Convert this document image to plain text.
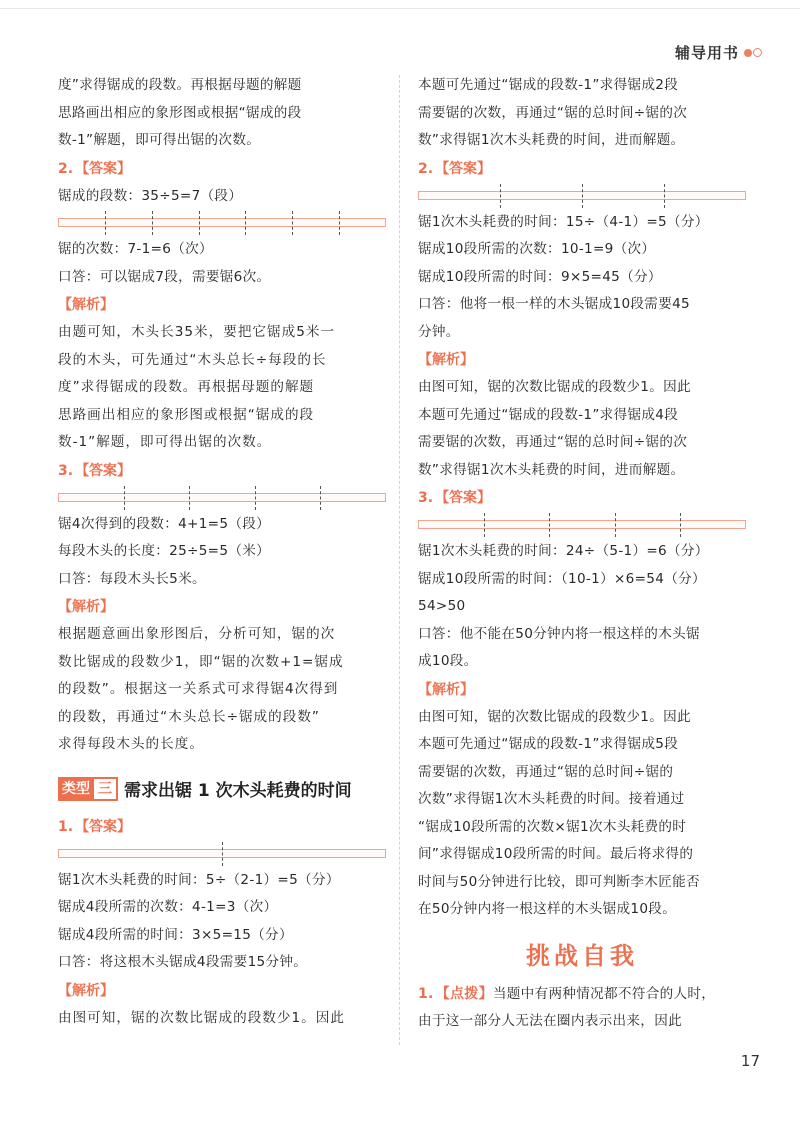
辅导用书
度”求得锯成的段数。再根据母题的解题
思路画出相应的象形图或根据“锯成的段
数-1”解题，即可得出锯的次数。
2. 【答案】
锯成的段数：35÷5=7（段）
锯的次数：7-1=6（次）
口答：可以锯成7段，需要锯6次。
【解析】
由题可知，木头长35米，要把它锯成5米一
段的木头，可先通过“木头总长÷每段的长
度”求得锯成的段数。再根据母题的解题
思路画出相应的象形图或根据“锯成的段
数-1”解题，即可得出锯的次数。
3. 【答案】
锯4次得到的段数：4+1=5（段）
每段木头的长度：25÷5=5（米）
口答：每段木头长5米。
【解析】
根据题意画出象形图后，分析可知，锯的次
数比锯成的段数少1，即“锯的次数+1=锯成
的段数”。根据这一关系式可求得锯4次得到
的段数，再通过“木头总长÷锯成的段数”
求得每段木头的长度。
类型 三 需求出锯 1 次木头耗费的时间
1. 【答案】
锯1次木头耗费的时间：5÷（2-1）=5（分）
锯成4段所需的次数：4-1=3（次）
锯成4段所需的时间：3×5=15（分）
口答：将这根木头锯成4段需要15分钟。
【解析】
由图可知，锯的次数比锯成的段数少1。因此
本题可先通过“锯成的段数-1”求得锯成2段
需要锯的次数，再通过“锯的总时间÷锯的次
数”求得锯1次木头耗费的时间，进而解题。
2. 【答案】
锯1次木头耗费的时间：15÷（4-1）=5（分）
锯成10段所需的次数：10-1=9（次）
锯成10段所需的时间：9×5=45（分）
口答：他将一根一样的木头锯成10段需要45
分钟。
【解析】
由图可知，锯的次数比锯成的段数少1。因此
本题可先通过“锯成的段数-1”求得锯成4段
需要锯的次数，再通过“锯的总时间÷锯的次
数”求得锯1次木头耗费的时间，进而解题。
3. 【答案】
锯1次木头耗费的时间：24÷（5-1）=6（分）
锯成10段所需的时间：（10-1）×6=54（分）
54>50
口答：他不能在50分钟内将一根这样的木头锯
成10段。
【解析】
由图可知，锯的次数比锯成的段数少1。因此
本题可先通过“锯成的段数-1”求得锯成5段
需要锯的次数，再通过“锯的总时间÷锯的
次数”求得锯1次木头耗费的时间。接着通过
“锯成10段所需的次数×锯1次木头耗费的时
间”求得锯成10段所需的时间。最后将求得的
时间与50分钟进行比较，即可判断李木匠能否
在50分钟内将一根这样的木头锯成10段。
挑战自我
1. 【点拨】当题中有两种情况都不符合的人时，
由于这一部分人无法在圈内表示出来，因此
17
